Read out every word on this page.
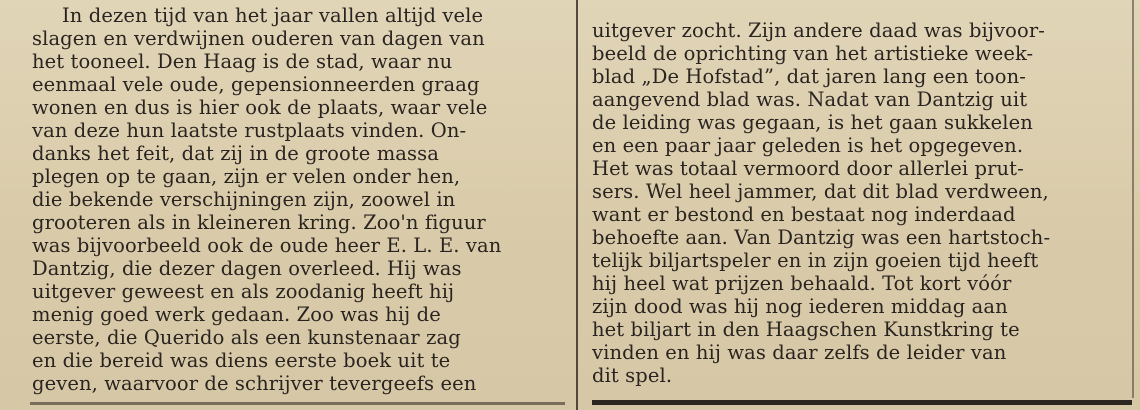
In dezen tijd van het jaar vallen altijd vele
slagen en verdwijnen ouderen van dagen van
het tooneel. Den Haag is de stad, waar nu
eenmaal vele oude, gepensionneerden graag
wonen en dus is hier ook de plaats, waar vele
van deze hun laatste rustplaats vinden. On-
danks het feit, dat zij in de groote massa
plegen op te gaan, zijn er velen onder hen,
die bekende verschijningen zijn, zoowel in
grooteren als in kleineren kring. Zoo'n figuur
was bijvoorbeeld ook de oude heer E. L. E. van
Dantzig, die dezer dagen overleed. Hij was
uitgever geweest en als zoodanig heeft hij
menig goed werk gedaan. Zoo was hij de
eerste, die Querido als een kunstenaar zag
en die bereid was diens eerste boek uit te
geven, waarvoor de schrijver tevergeefs een
uitgever zocht. Zijn andere daad was bijvoor-
beeld de oprichting van het artistieke week-
blad „De Hofstad”, dat jaren lang een toon-
aangevend blad was. Nadat van Dantzig uit
de leiding was gegaan, is het gaan sukkelen
en een paar jaar geleden is het opgegeven.
Het was totaal vermoord door allerlei prut-
sers. Wel heel jammer, dat dit blad verdween,
want er bestond en bestaat nog inderdaad
behoefte aan. Van Dantzig was een hartstoch-
telijk biljartspeler en in zijn goeien tijd heeft
hij heel wat prijzen behaald. Tot kort vóór
zijn dood was hij nog iederen middag aan
het biljart in den Haagschen Kunstkring te
vinden en hij was daar zelfs de leider van
dit spel.
